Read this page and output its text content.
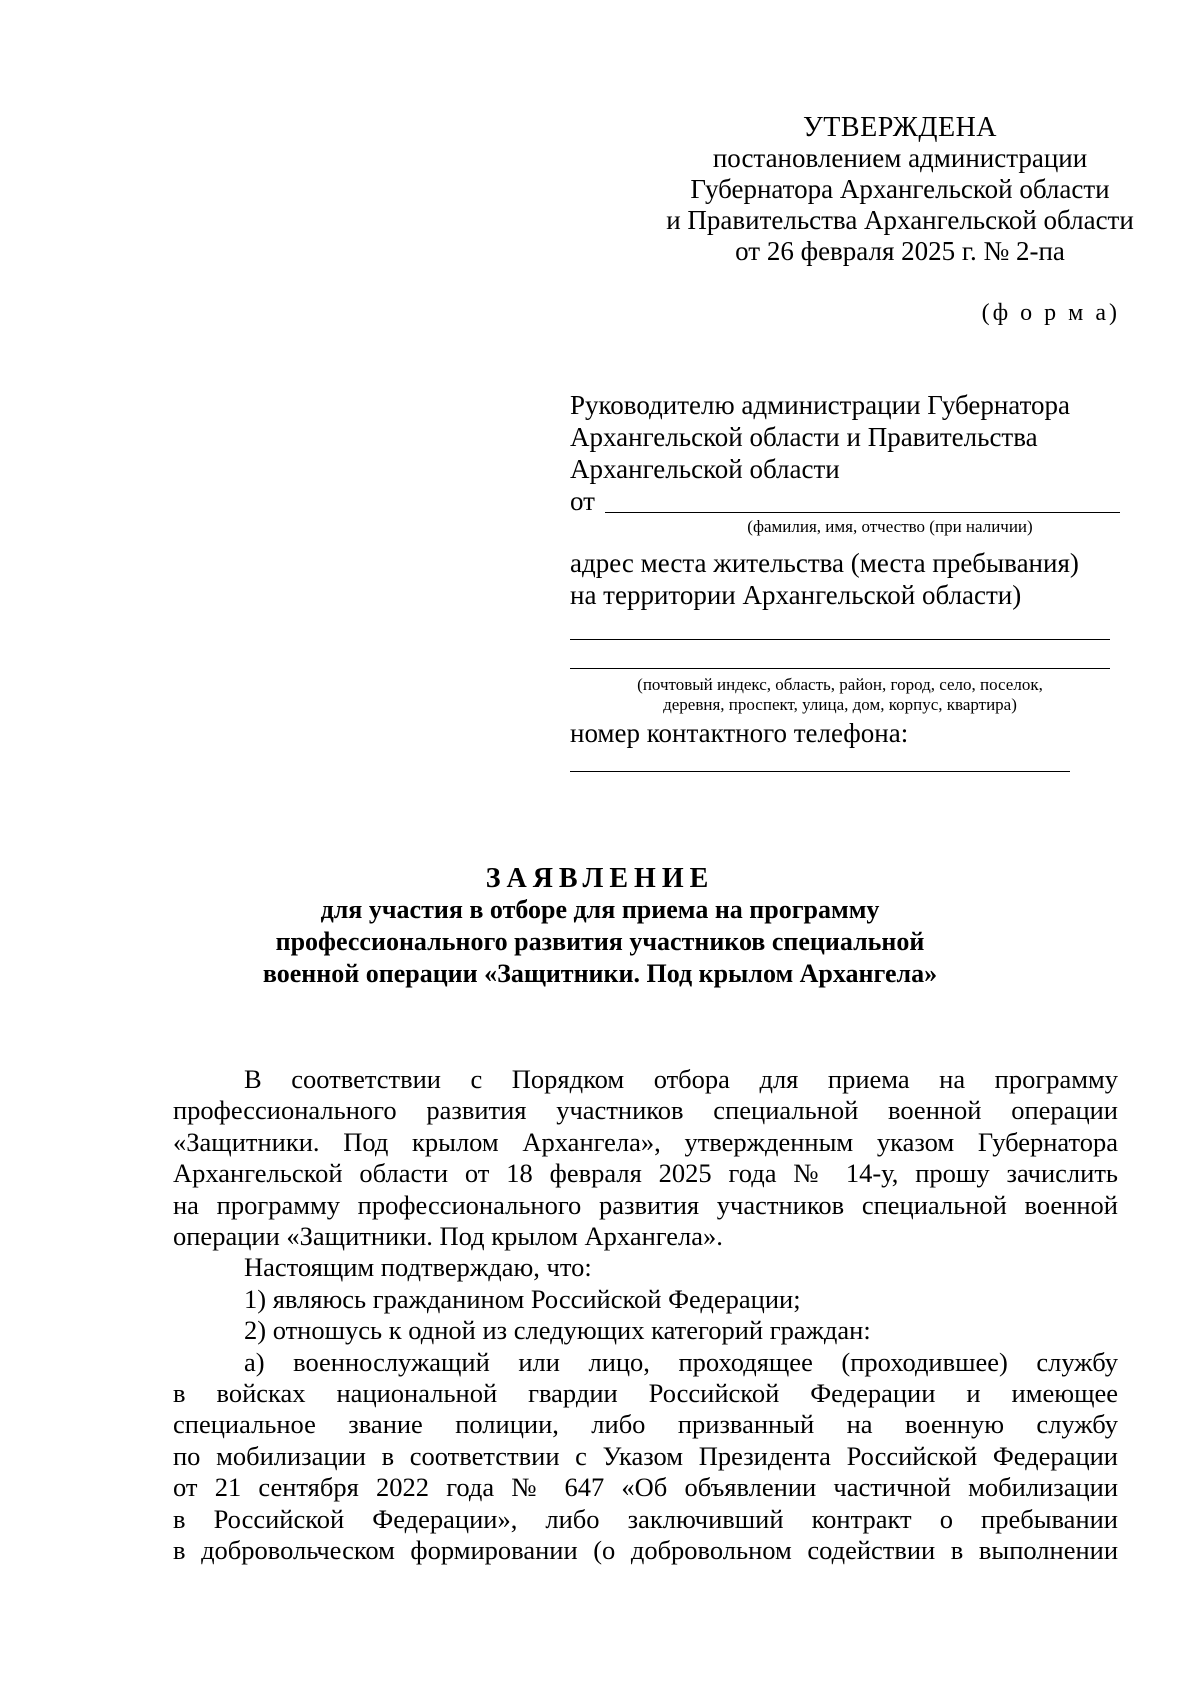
УТВЕРЖДЕНА
постановлением администрации
Губернатора Архангельской области
и Правительства Архангельской области
от 26 февраля 2025 г. № 2-па
(ф о р м а)
Руководителю администрации Губернатора
Архангельской области и Правительства
Архангельской области
от
(фамилия, имя, отчество (при наличии)
адрес места жительства (места пребывания)
на территории Архангельской области)
(почтовый индекс, область, район, город, село, поселок,
деревня, проспект, улица, дом, корпус, квартира)
номер контактного телефона:
ЗАЯВЛЕНИЕ
для участия в отборе для приема на программу
профессионального развития участников специальной
военной операции «Защитники. Под крылом Архангела»
В соответствии с Порядком отбора для приема на программу
профессионального развития участников специальной военной операции
«Защитники. Под крылом Архангела», утвержденным указом Губернатора
Архангельской области от 18 февраля 2025 года № 14-у, прошу зачислить
на программу профессионального развития участников специальной военной
операции «Защитники. Под крылом Архангела».
Настоящим подтверждаю, что:
1) являюсь гражданином Российской Федерации;
2) отношусь к одной из следующих категорий граждан:
а) военнослужащий или лицо, проходящее (проходившее) службу
в войсках национальной гвардии Российской Федерации и имеющее
специальное звание полиции, либо призванный на военную службу
по мобилизации в соответствии с Указом Президента Российской Федерации
от 21 сентября 2022 года № 647 «Об объявлении частичной мобилизации
в Российской Федерации», либо заключивший контракт о пребывании
в добровольческом формировании (о добровольном содействии в выполнении
